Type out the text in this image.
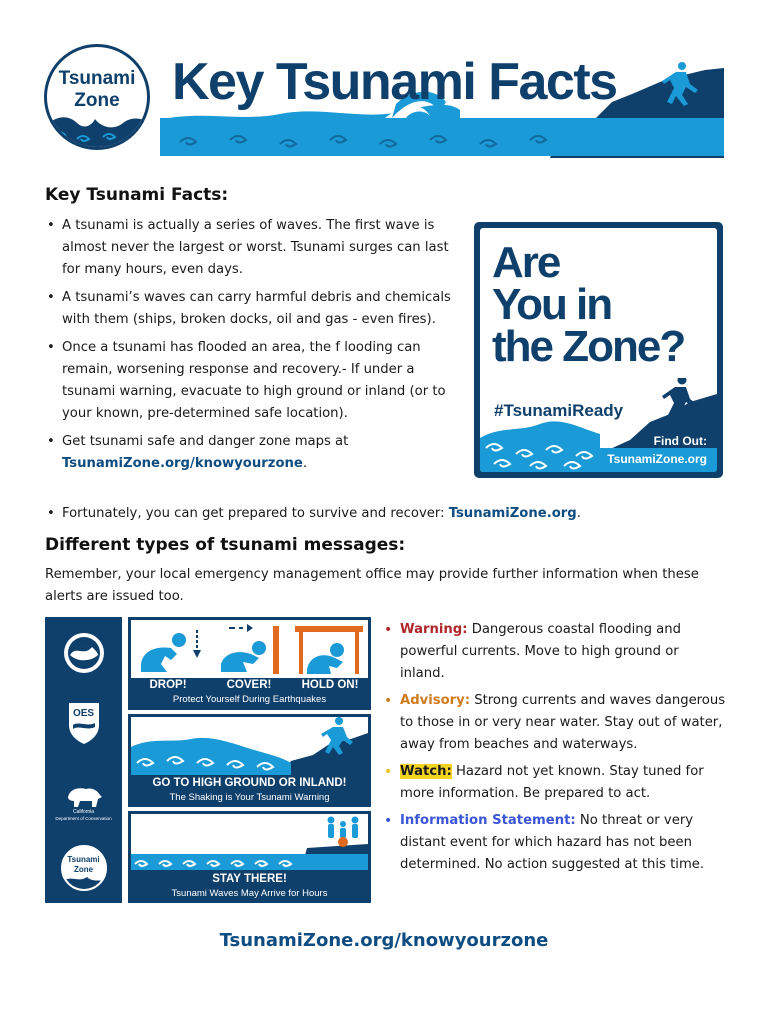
Tsunami
Zone	Key Tsunami Facts
Key Tsunami Facts:
• A tsunami is actually a series of waves. The first wave is almost never the largest or worst. Tsunami surges can last for many hours, even days.
• A tsunami’s waves can carry harmful debris and chemicals with them (ships, broken docks, oil and gas - even fires).
• Once a tsunami has flooded an area, the f looding can remain, worsening response and recovery.- If under a tsunami warning, evacuate to high ground or inland (or to your known, pre-determined safe location).
• Get tsunami safe and danger zone maps at
TsunamiZone.org/knowyourzone.
• Fortunately, you can get prepared to survive and recover: TsunamiZone.org.
Are
You in
the Zone?
#TsunamiReady
Find Out:
TsunamiZone.org
Different types of tsunami messages:
Remember, your local emergency management office may provide further information when these alerts are issued too.
NOAA
OES
California
Department of Conservation
Tsunami
Zone
DROP!	COVER!	HOLD ON!
Protect Yourself During Earthquakes
GO TO HIGH GROUND OR INLAND!
The Shaking is Your Tsunami Warning
STAY THERE!
Tsunami Waves May Arrive for Hours
• Warning: Dangerous coastal flooding and powerful currents. Move to high ground or inland.
• Advisory: Strong currents and waves dangerous to those in or very near water. Stay out of water, away from beaches and waterways.
• Watch: Hazard not yet known. Stay tuned for more information. Be prepared to act.
• Information Statement: No threat or very distant event for which hazard has not been determined. No action suggested at this time.
TsunamiZone.org/knowyourzone
